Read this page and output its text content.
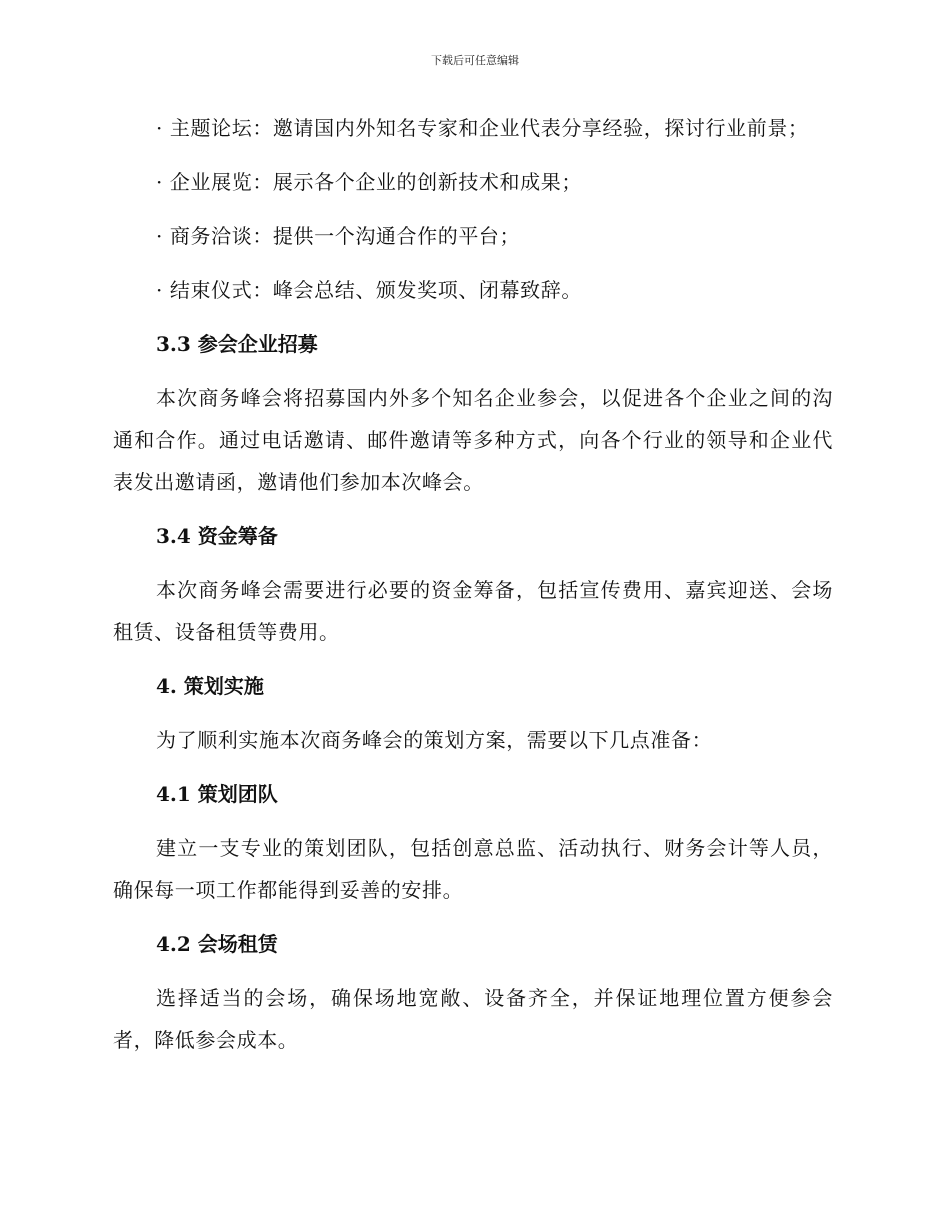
下载后可任意编辑

· 主题论坛：邀请国内外知名专家和企业代表分享经验，探讨行业前景；

· 企业展览：展示各个企业的创新技术和成果；

· 商务洽谈：提供一个沟通合作的平台；

· 结束仪式：峰会总结、颁发奖项、闭幕致辞。

3.3 参会企业招募

本次商务峰会将招募国内外多个知名企业参会，以促进各个企业之间的沟通和合作。通过电话邀请、邮件邀请等多种方式，向各个行业的领导和企业代表发出邀请函，邀请他们参加本次峰会。

3.4 资金筹备

本次商务峰会需要进行必要的资金筹备，包括宣传费用、嘉宾迎送、会场租赁、设备租赁等费用。

4. 策划实施

为了顺利实施本次商务峰会的策划方案，需要以下几点准备：

4.1 策划团队

建立一支专业的策划团队，包括创意总监、活动执行、财务会计等人员，确保每一项工作都能得到妥善的安排。

4.2 会场租赁

选择适当的会场，确保场地宽敞、设备齐全，并保证地理位置方便参会者，降低参会成本。
